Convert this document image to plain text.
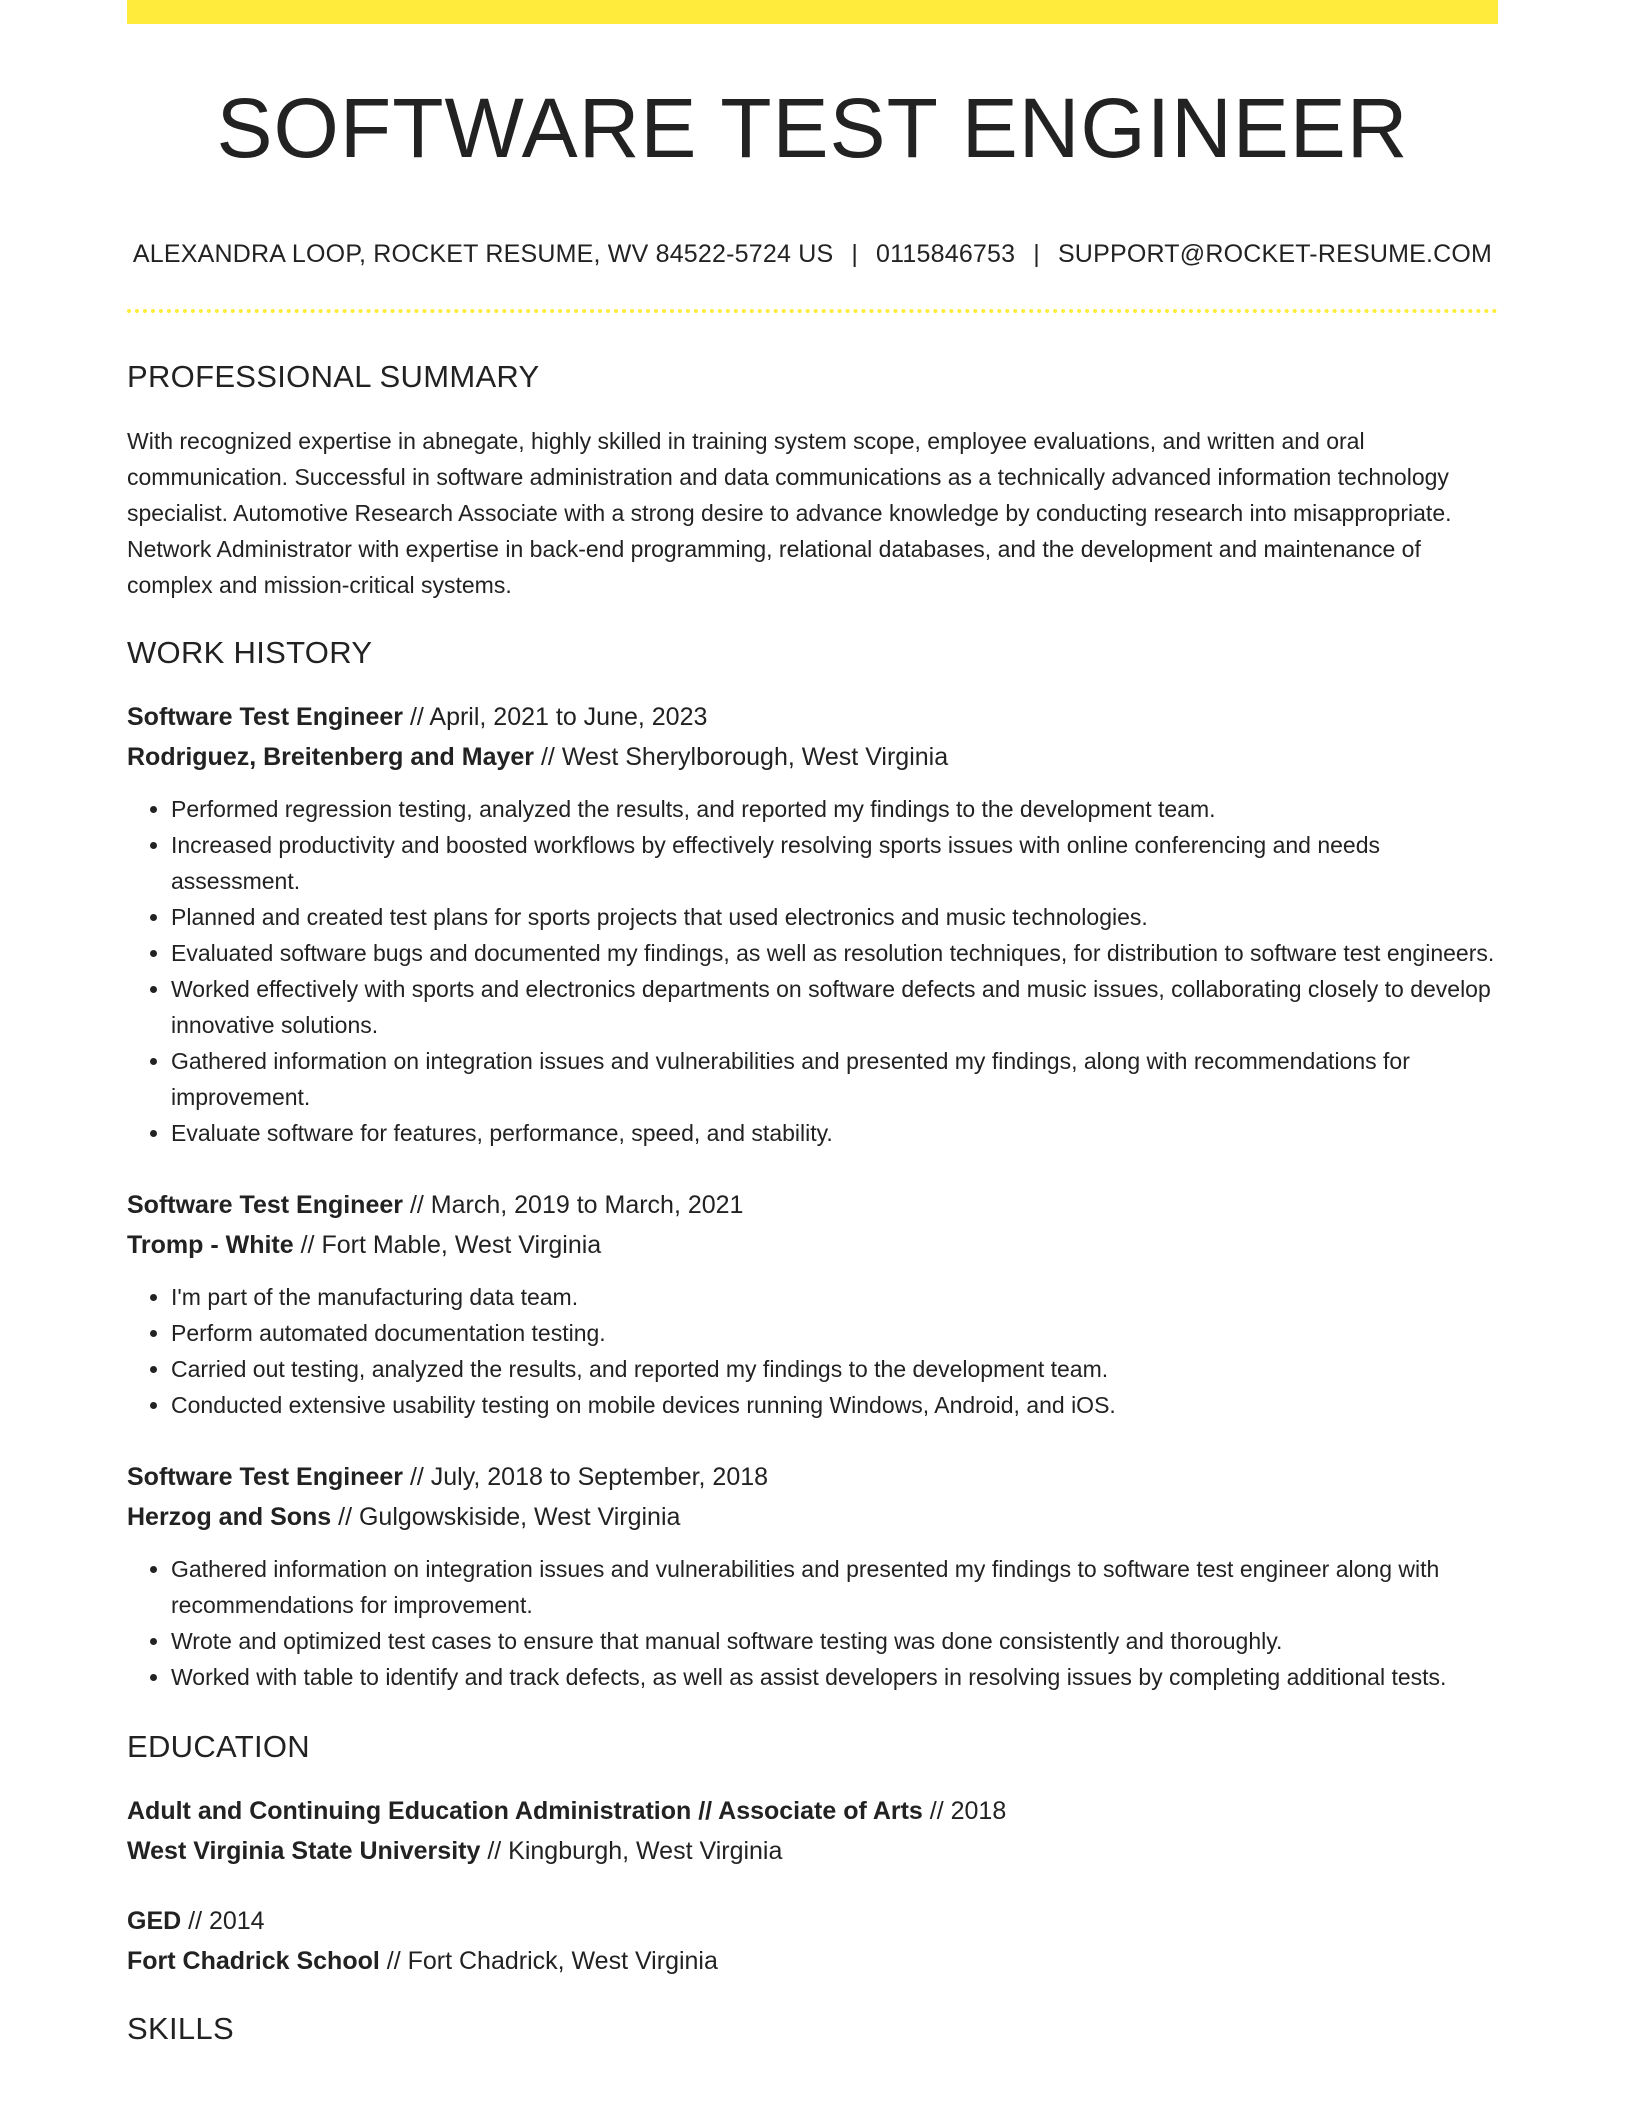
SOFTWARE TEST ENGINEER
ALEXANDRA LOOP, ROCKET RESUME, WV 84522-5724 US | 0115846753 | SUPPORT@ROCKET-RESUME.COM
PROFESSIONAL SUMMARY
With recognized expertise in abnegate, highly skilled in training system scope, employee evaluations, and written and oral communication. Successful in software administration and data communications as a technically advanced information technology specialist. Automotive Research Associate with a strong desire to advance knowledge by conducting research into misappropriate. Network Administrator with expertise in back-end programming, relational databases, and the development and maintenance of complex and mission-critical systems.
WORK HISTORY
Software Test Engineer // April, 2021 to June, 2023
Rodriguez, Breitenberg and Mayer // West Sherylborough, West Virginia
• Performed regression testing, analyzed the results, and reported my findings to the development team.
• Increased productivity and boosted workflows by effectively resolving sports issues with online conferencing and needs assessment.
• Planned and created test plans for sports projects that used electronics and music technologies.
• Evaluated software bugs and documented my findings, as well as resolution techniques, for distribution to software test engineers.
• Worked effectively with sports and electronics departments on software defects and music issues, collaborating closely to develop innovative solutions.
• Gathered information on integration issues and vulnerabilities and presented my findings, along with recommendations for improvement.
• Evaluate software for features, performance, speed, and stability.
Software Test Engineer // March, 2019 to March, 2021
Tromp - White // Fort Mable, West Virginia
• I'm part of the manufacturing data team.
• Perform automated documentation testing.
• Carried out testing, analyzed the results, and reported my findings to the development team.
• Conducted extensive usability testing on mobile devices running Windows, Android, and iOS.
Software Test Engineer // July, 2018 to September, 2018
Herzog and Sons // Gulgowskiside, West Virginia
• Gathered information on integration issues and vulnerabilities and presented my findings to software test engineer along with recommendations for improvement.
• Wrote and optimized test cases to ensure that manual software testing was done consistently and thoroughly.
• Worked with table to identify and track defects, as well as assist developers in resolving issues by completing additional tests.
EDUCATION
Adult and Continuing Education Administration // Associate of Arts // 2018
West Virginia State University // Kingburgh, West Virginia
GED // 2014
Fort Chadrick School // Fort Chadrick, West Virginia
SKILLS
